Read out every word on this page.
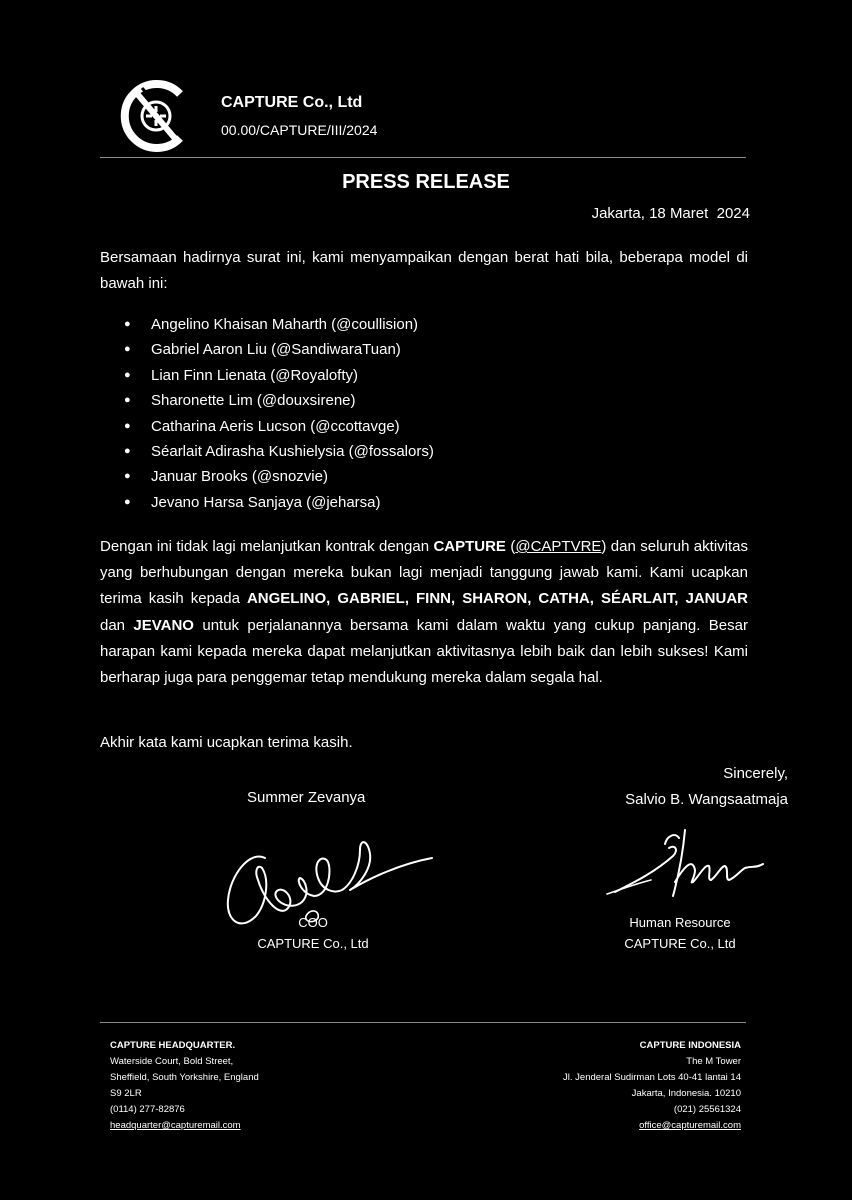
CAPTURE Co., Ltd
00.00/CAPTURE/III/2024
PRESS RELEASE
Jakarta, 18 Maret  2024
Bersamaan hadirnya surat ini, kami menyampaikan dengan berat hati bila, beberapa model di bawah ini:
● Angelino Khaisan Maharth (@coullision)
● Gabriel Aaron Liu (@SandiwaraTuan)
● Lian Finn Lienata (@Royalofty)
● Sharonette Lim (@douxsirene)
● Catharina Aeris Lucson (@ccottavge)
● Séarlait Adirasha Kushielysia (@fossalors)
● Januar Brooks (@snozvie)
● Jevano Harsa Sanjaya (@jeharsa)
Dengan ini tidak lagi melanjutkan kontrak dengan CAPTURE (@CAPTVRE) dan seluruh aktivitas yang berhubungan dengan mereka bukan lagi menjadi tanggung jawab kami. Kami ucapkan terima kasih kepada ANGELINO, GABRIEL, FINN, SHARON, CATHA, SÉARLAIT, JANUAR dan JEVANO untuk perjalanannya bersama kami dalam waktu yang cukup panjang. Besar harapan kami kepada mereka dapat melanjutkan aktivitasnya lebih baik dan lebih sukses! Kami berharap juga para penggemar tetap mendukung mereka dalam segala hal.
Akhir kata kami ucapkan terima kasih.
Sincerely,
Summer Zevanya	Salvio B. Wangsaatmaja
COO
CAPTURE Co., Ltd
Human Resource
CAPTURE Co., Ltd
CAPTURE HEADQUARTER.
Waterside Court, Bold Street,
Sheffield, South Yorkshire, England
S9 2LR
(0114) 277-82876
headquarter@capturemail.com
CAPTURE INDONESIA
The M Tower
Jl. Jenderal Sudirman Lots 40-41 lantai 14
Jakarta, Indonesia. 10210
(021) 25561324
office@capturemail.com
